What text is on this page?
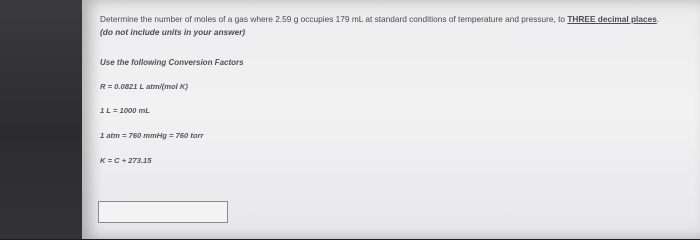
Determine the number of moles of a gas where 2.59 g occupies 179 mL at standard conditions of temperature and pressure, to THREE decimal places. (do not include units in your answer)

Use the following Conversion Factors

R = 0.0821 L atm/(mol K)

1 L = 1000 mL

1 atm = 760 mmHg = 760 torr

K = C + 273.15
